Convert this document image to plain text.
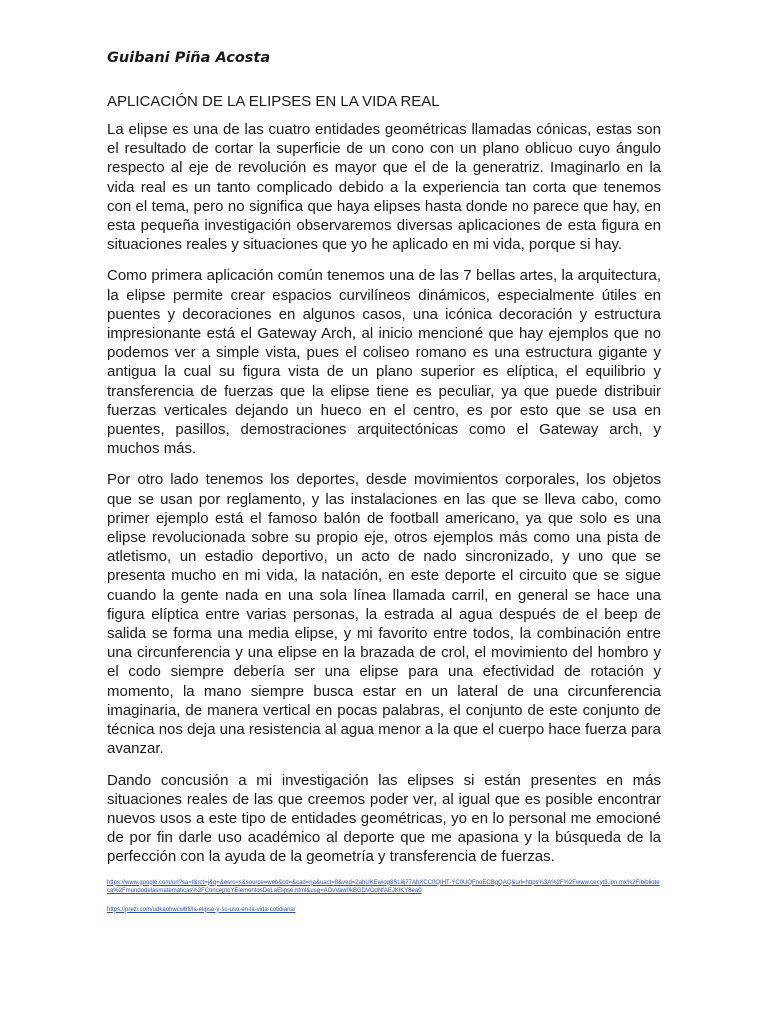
Guibani Piña Acosta
APLICACIÓN DE LA ELIPSES EN LA VIDA REAL

La elipse es una de las cuatro entidades geométricas llamadas cónicas, estas son el resultado de cortar la superficie de un cono con un plano oblicuo cuyo ángulo respecto al eje de revolución es mayor que el de la generatriz. Imaginarlo en la vida real es un tanto complicado debido a la experiencia tan corta que tenemos con el tema, pero no significa que haya elipses hasta donde no parece que hay, en esta pequeña investigación observaremos diversas aplicaciones de esta figura en situaciones reales y situaciones que yo he aplicado en mi vida, porque si hay.

Como primera aplicación común tenemos una de las 7 bellas artes, la arquitectura, la elipse permite crear espacios curvilíneos dinámicos, especialmente útiles en puentes y decoraciones en algunos casos, una icónica decoración y estructura impresionante está el Gateway Arch, al inicio mencioné que hay ejemplos que no podemos ver a simple vista, pues el coliseo romano es una estructura gigante y antigua la cual su figura vista de un plano superior es elíptica, el equilibrio y transferencia de fuerzas que la elipse tiene es peculiar, ya que puede distribuir fuerzas verticales dejando un hueco en el centro, es por esto que se usa en puentes, pasillos, demostraciones arquitectónicas como el Gateway arch, y muchos más.

Por otro lado tenemos los deportes, desde movimientos corporales, los objetos que se usan por reglamento, y las instalaciones en las que se lleva cabo, como primer ejemplo está el famoso balón de football americano, ya que solo es una elipse revolucionada sobre su propio eje, otros ejemplos más como una pista de atletismo, un estadio deportivo, un acto de nado sincronizado, y uno que se presenta mucho en mi vida, la natación, en este deporte el circuito que se sigue cuando la gente nada en una sola línea llamada carril, en general se hace una figura elíptica entre varias personas, la estrada al agua después de el beep de salida se forma una media elipse, y mi favorito entre todos, la combinación entre una circunferencia y una elipse en la brazada de crol, el movimiento del hombro y el codo siempre debería ser una elipse para una efectividad de rotación y momento, la mano siempre busca estar en un lateral de una circunferencia imaginaria, de manera vertical en pocas palabras, el conjunto de este conjunto de técnica nos deja una resistencia al agua menor a la que el cuerpo hace fuerza para avanzar.

Dando concusión a mi investigación las elipses si están presentes en más situaciones reales de las que creemos poder ver, al igual que es posible encontrar nuevos usos a este tipo de entidades geométricas, yo en lo personal me emocioné de por fin darle uso académico al deporte que me apasiona y la búsqueda de la perfección con la ayuda de la geometría y transferencia de fuerzas.

https://www.google.com/url?sa=t&rct=j&q=&esrc=s&source=web&cd=&cad=rja&uact=8&ved=2ahUKEwiog8SLi677AhXCC0QIHT-YC0UQFnoECBgQAQ&url=https%3A%2F%2Fwww.cecyt3.ipn.mx%2Fibiblioteca%2Fmundodelasmatematicas%2FConceptoYElementosDeLaElipse.html&usg=AOvVaw0kBGDVOdNfAEJKlKY8ea0
https://prezi.com/udkaohwcwbfi/la-elipse-y-su-uso-en-la-vida-cotidiana/
